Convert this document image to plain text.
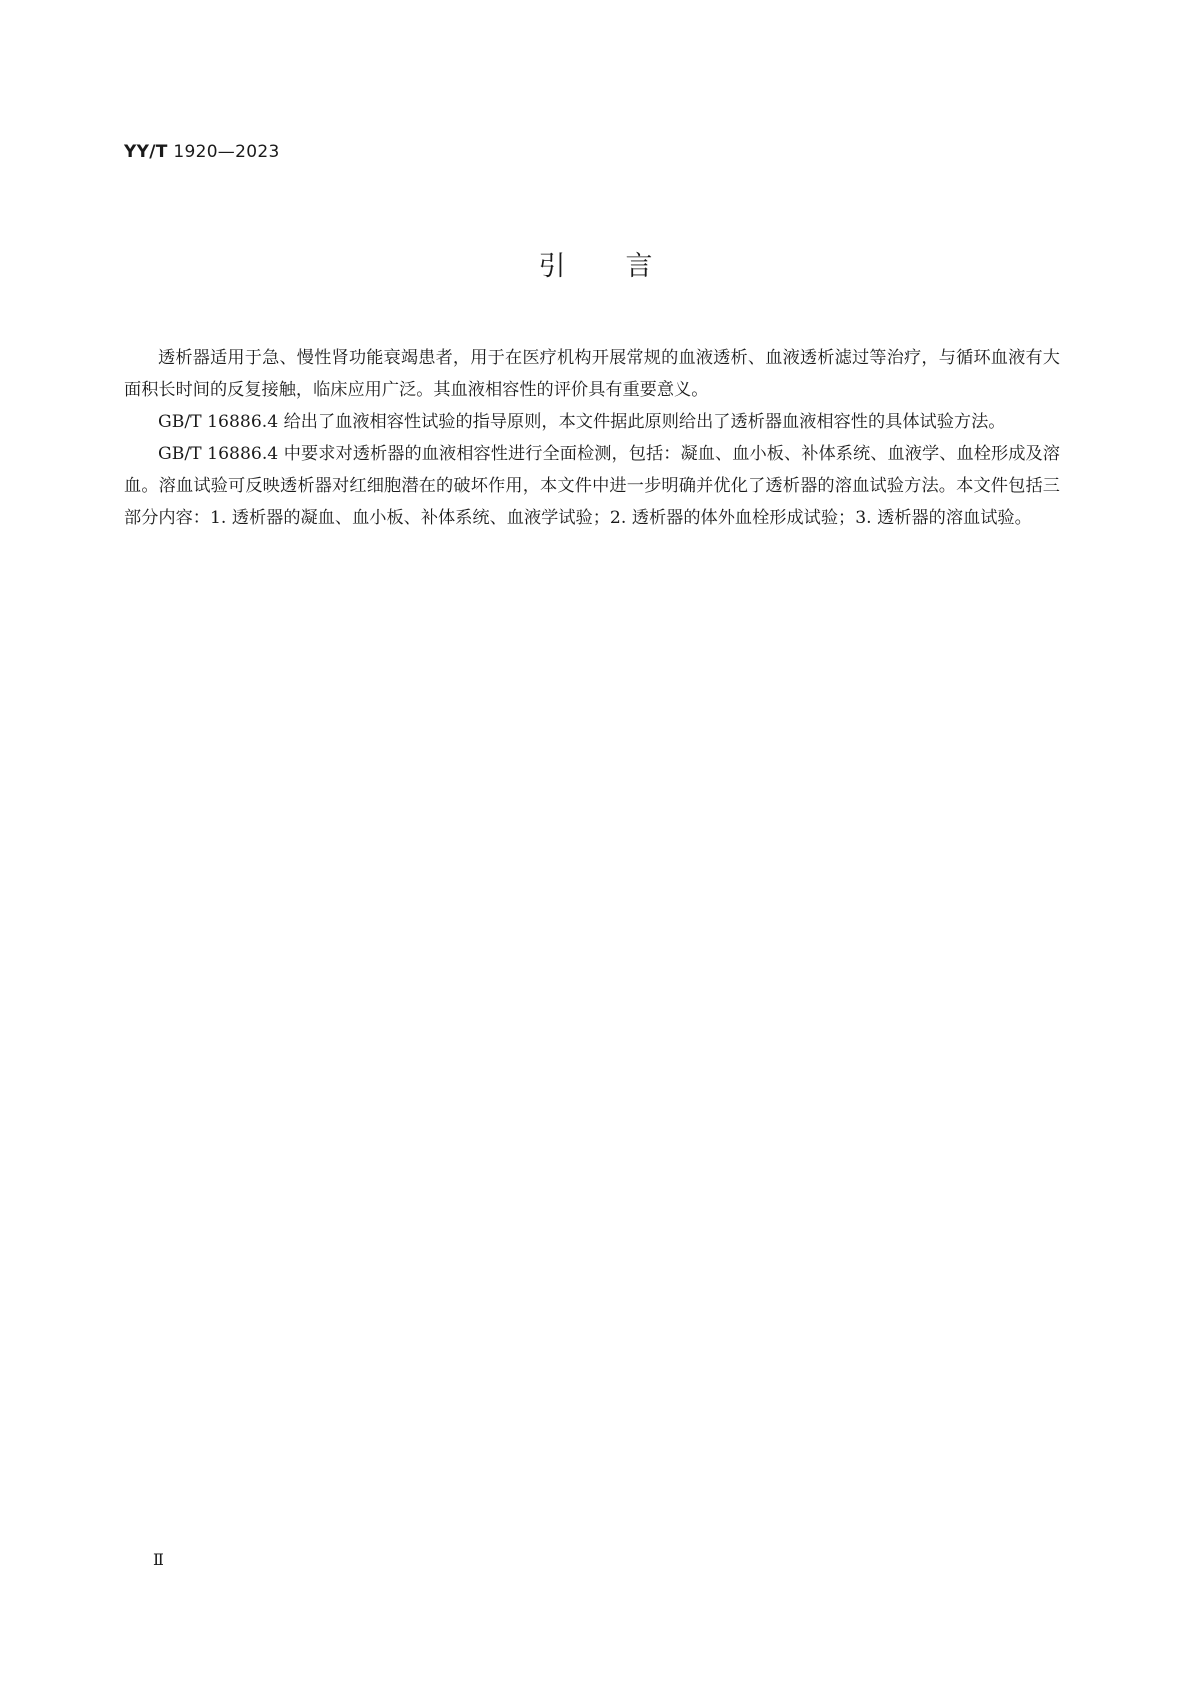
YY/T 1920—2023
引言

透析器适用于急、慢性肾功能衰竭患者，用于在医疗机构开展常规的血液透析、血液透析滤过等治疗，与循环血液有大面积长时间的反复接触，临床应用广泛。其血液相容性的评价具有重要意义。

GB/T 16886.4 给出了血液相容性试验的指导原则，本文件据此原则给出了透析器血液相容性的具体试验方法。

GB/T 16886.4 中要求对透析器的血液相容性进行全面检测，包括：凝血、血小板、补体系统、血液学、血栓形成及溶血。溶血试验可反映透析器对红细胞潜在的破坏作用，本文件中进一步明确并优化了透析器的溶血试验方法。本文件包括三部分内容：1. 透析器的凝血、血小板、补体系统、血液学试验；2. 透析器的体外血栓形成试验；3. 透析器的溶血试验。

Ⅱ
